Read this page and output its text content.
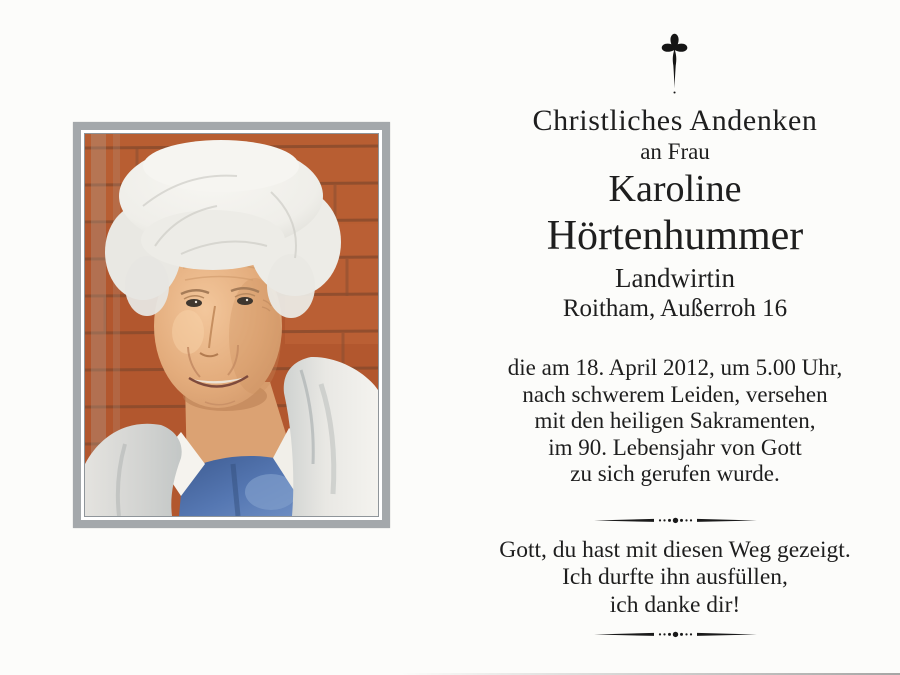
Christliches Andenken
an Frau
Karoline
Hörtenhummer
Landwirtin
Roitham, Außerroh 16
die am 18. April 2012, um 5.00 Uhr,
nach schwerem Leiden, versehen
mit den heiligen Sakramenten,
im 90. Lebensjahr von Gott
zu sich gerufen wurde.
Gott, du hast mit diesen Weg gezeigt.
Ich durfte ihn ausfüllen,
ich danke dir!
